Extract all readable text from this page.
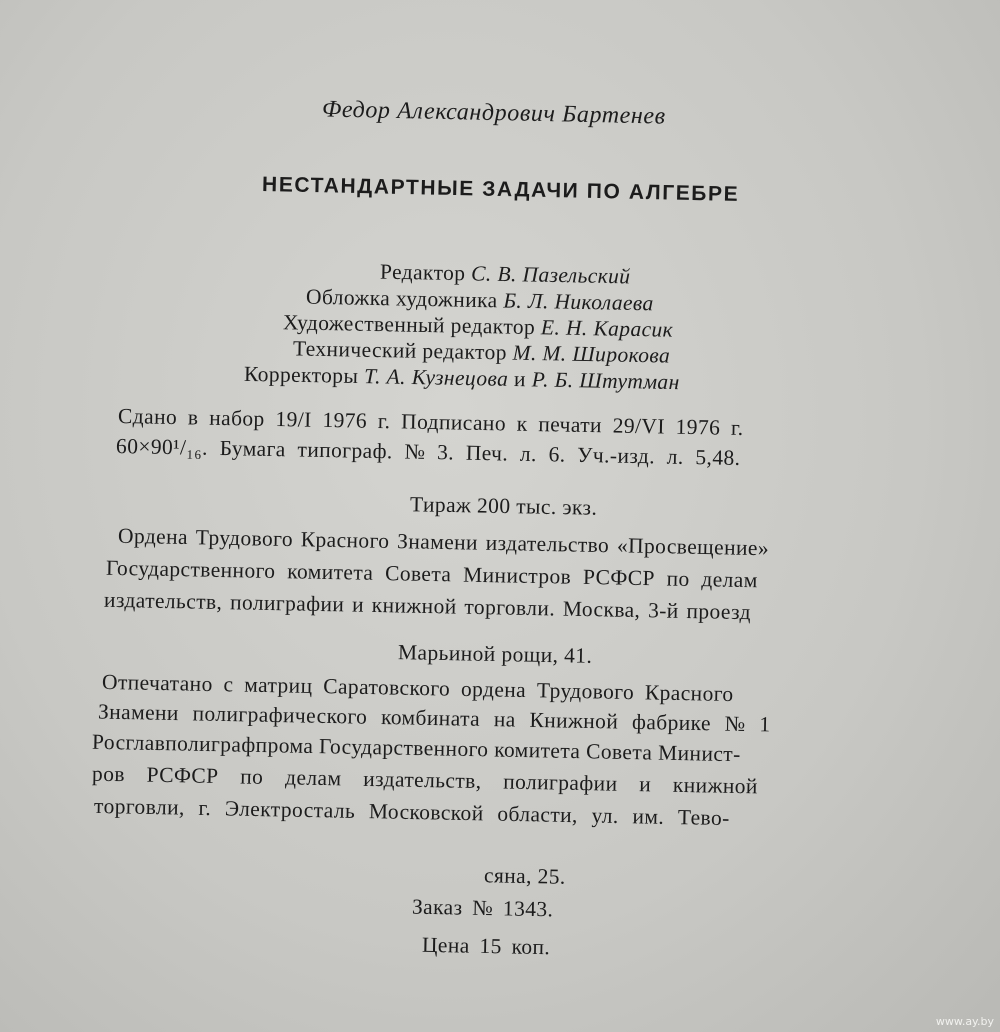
Федор Александрович Бартенев
НЕСТАНДАРТНЫЕ ЗАДАЧИ ПО АЛГЕБРЕ
Редактор С. В. Пазельский
Обложка художника Б. Л. Николаева
Художественный редактор Е. Н. Карасик
Технический редактор М. М. Широкова
Корректоры Т. А. Кузнецова и Р. Б. Штутман
Сдано в набор 19/I 1976 г. Подписано к печати 29/VI 1976 г.
60×90¹/₁₆. Бумага типограф. № 3. Печ. л. 6. Уч.-изд. л. 5,48.
Тираж 200 тыс. экз.
Ордена Трудового Красного Знамени издательство «Просвещение»
Государственного комитета Совета Министров РСФСР по делам
издательств, полиграфии и книжной торговли. Москва, 3-й проезд
Марьиной рощи, 41.
Отпечатано с матриц Саратовского ордена Трудового Красного
Знамени полиграфического комбината на Книжной фабрике № 1
Росглавполиграфпрома Государственного комитета Совета Минист-
ров РСФСР по делам издательств, полиграфии и книжной
торговли, г. Электросталь Московской области, ул. им. Тево-
сяна, 25.
Заказ № 1343.
Цена 15 коп.
www.ay.by
